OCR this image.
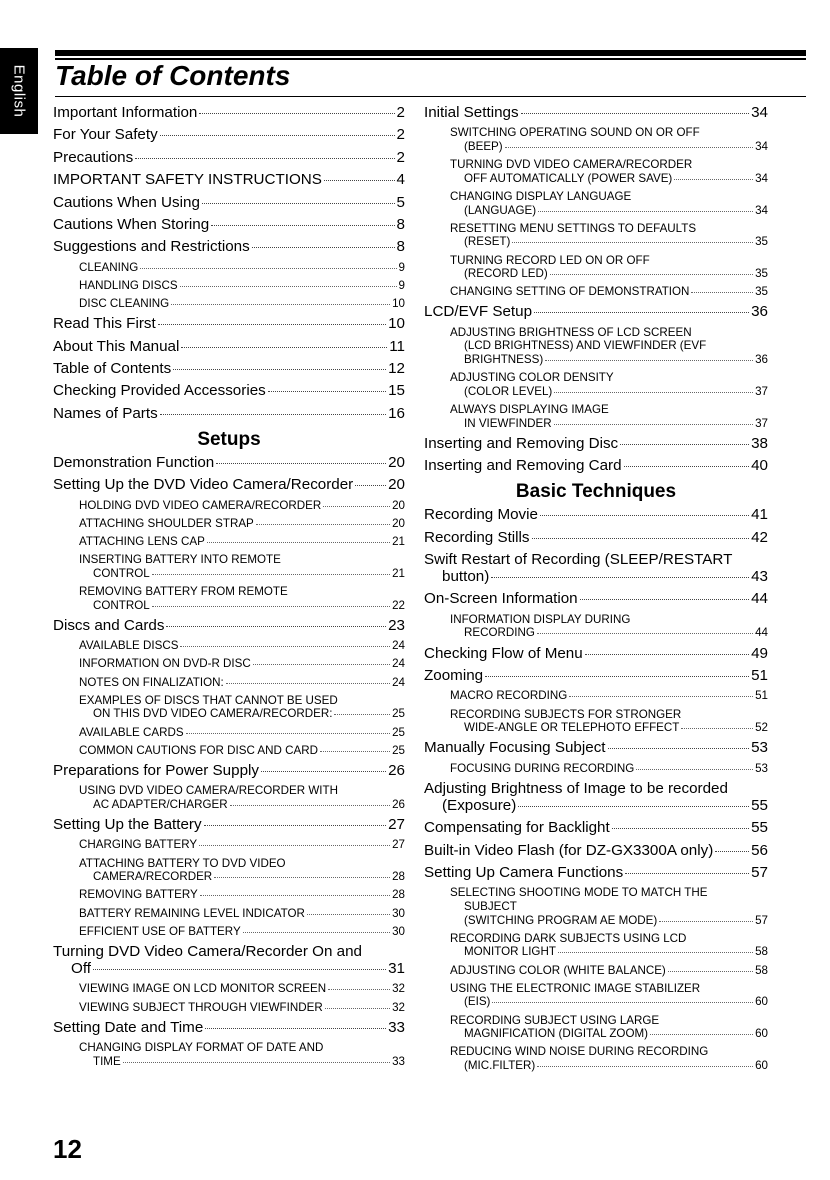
English Table of Contents
Important Information	2
For Your Safety	2
Precautions	2
IMPORTANT SAFETY INSTRUCTIONS	4
Cautions When Using	5
Cautions When Storing	8
Suggestions and Restrictions	8
CLEANING	9
HANDLING DISCS	9
DISC CLEANING	10
Read This First	10
About This Manual	11
Table of Contents	12
Checking Provided Accessories	15
Names of Parts	16
Setups
Demonstration Function	20
Setting Up the DVD Video Camera/Recorder 20
HOLDING DVD VIDEO CAMERA/RECORDER	20
ATTACHING SHOULDER STRAP	20
ATTACHING LENS CAP	21
INSERTING BATTERY INTO REMOTE
CONTROL	21
REMOVING BATTERY FROM REMOTE
CONTROL	22
Discs and Cards	23
AVAILABLE DISCS	24
INFORMATION ON DVD-R DISC	24
NOTES ON FINALIZATION:	24
EXAMPLES OF DISCS THAT CANNOT BE USED
ON THIS DVD VIDEO CAMERA/RECORDER:	25
AVAILABLE CARDS	25
COMMON CAUTIONS FOR DISC AND CARD	25
Preparations for Power Supply	26
USING DVD VIDEO CAMERA/RECORDER WITH
AC ADAPTER/CHARGER	26
Setting Up the Battery	27
CHARGING BATTERY	27
ATTACHING BATTERY TO DVD VIDEO
CAMERA/RECORDER	28
REMOVING BATTERY	28
BATTERY REMAINING LEVEL INDICATOR	30
EFFICIENT USE OF BATTERY	30
Turning DVD Video Camera/Recorder On and
Off	31
VIEWING IMAGE ON LCD MONITOR SCREEN	32
VIEWING SUBJECT THROUGH VIEWFINDER	32
Setting Date and Time	33
CHANGING DISPLAY FORMAT OF DATE AND
TIME	33
Initial Settings	34
SWITCHING OPERATING SOUND ON OR OFF
(BEEP)	34
TURNING DVD VIDEO CAMERA/RECORDER
OFF AUTOMATICALLY (POWER SAVE)	34
CHANGING DISPLAY LANGUAGE
(LANGUAGE)	34
RESETTING MENU SETTINGS TO DEFAULTS
(RESET)	35
TURNING RECORD LED ON OR OFF
(RECORD LED)	35
CHANGING SETTING OF DEMONSTRATION	35
LCD/EVF Setup	36
ADJUSTING BRIGHTNESS OF LCD SCREEN
(LCD BRIGHTNESS) AND VIEWFINDER (EVF
BRIGHTNESS)	36
ADJUSTING COLOR DENSITY
(COLOR LEVEL)	37
ALWAYS DISPLAYING IMAGE
IN VIEWFINDER	37
Inserting and Removing Disc	38
Inserting and Removing Card	40
Basic Techniques
Recording Movie	41
Recording Stills	42
Swift Restart of Recording (SLEEP/RESTART
button)	43
On-Screen Information	44
INFORMATION DISPLAY DURING
RECORDING	44
Checking Flow of Menu	49
Zooming	51
MACRO RECORDING	51
RECORDING SUBJECTS FOR STRONGER
WIDE-ANGLE OR TELEPHOTO EFFECT	52
Manually Focusing Subject	53
FOCUSING DURING RECORDING	53
Adjusting Brightness of Image to be recorded
(Exposure)	55
Compensating for Backlight	55
Built-in Video Flash (for DZ-GX3300A only) 56
Setting Up Camera Functions	57
SELECTING SHOOTING MODE TO MATCH THE
SUBJECT
(SWITCHING PROGRAM AE MODE)	57
RECORDING DARK SUBJECTS USING LCD
MONITOR LIGHT	58
ADJUSTING COLOR (WHITE BALANCE)	58
USING THE ELECTRONIC IMAGE STABILIZER
(EIS)	60
RECORDING SUBJECT USING LARGE
MAGNIFICATION (DIGITAL ZOOM)	60
REDUCING WIND NOISE DURING RECORDING
(MIC.FILTER)	60
12
